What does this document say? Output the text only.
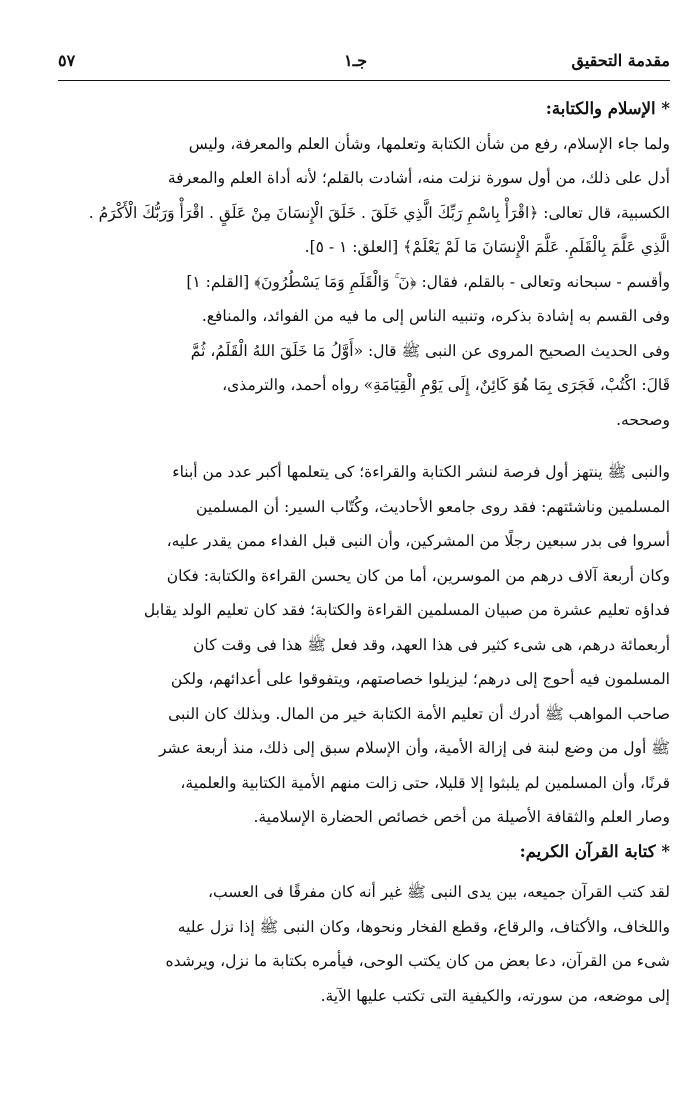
مقدمة التحقيق
جـ١
٥٧
* الإسلام والكتابة:
ولما جاء الإسلام، رفع من شأن الكتابة وتعلمها، وشأن العلم والمعرفة، وليس
أدل على ذلك، من أول سورة نزلت منه، أشادت بالقلم؛ لأنه أداة العلم والمعرفة
الكسبية، قال تعالى: ﴿اقْرَأْ بِاسْمِ رَبِّكَ الَّذِي خَلَقَ . خَلَقَ الْإِنسَانَ مِنْ عَلَقٍ . اقْرَأْ وَرَبُّكَ الْأَكْرَمُ .
الَّذِي عَلَّمَ بِالْقَلَمِ. عَلَّمَ الْإِنسَانَ مَا لَمْ يَعْلَمْ﴾ [العلق: ١ - ٥].
وأقسم - سبحانه وتعالى - بالقلم، فقال: ﴿نٓ ۚ وَالْقَلَمِ وَمَا يَسْطُرُونَ﴾ [القلم: ١]
وفى القسم به إشادة بذكره، وتنبيه الناس إلى ما فيه من الفوائد، والمنافع.
وفى الحديث الصحيح المروى عن النبى ﷺ قال: «أَوَّلُ مَا خَلَقَ اللهُ الْقَلَمُ، ثُمَّ
قَالَ: اكْتُبْ، فَجَرَى بِمَا هُوَ كَائِنٌ، إِلَى يَوْمِ الْقِيَامَةِ» رواه أحمد، والترمذى،
وصححه.
والنبى ﷺ ينتهز أول فرصة لنشر الكتابة والقراءة؛ كى يتعلمها أكبر عدد من أبناء
المسلمين وناشئتهم: فقد روى جامعو الأحاديث، وكُتّاب السير: أن المسلمين
أسروا فى بدر سبعين رجلًا من المشركين، وأن النبى قبل الفداء ممن يقدر عليه،
وكان أربعة آلاف درهم من الموسرين، أما من كان يحسن القراءة والكتابة: فكان
فداؤه تعليم عشرة من صبيان المسلمين القراءة والكتابة؛ فقد كان تعليم الولد يقابل
أربعمائة درهم، هى شىء كثير فى هذا العهد، وقد فعل ﷺ هذا فى وقت كان
المسلمون فيه أحوج إلى درهم؛ ليزيلوا خصاصتهم، ويتفوقوا على أعدائهم، ولكن
صاحب المواهب ﷺ أدرك أن تعليم الأمة الكتابة خير من المال. وبذلك كان النبى
ﷺ أول من وضع لبنة فى إزالة الأمية، وأن الإسلام سبق إلى ذلك، منذ أربعة عشر
قرنًا، وأن المسلمين لم يلبثوا إلا قليلا، حتى زالت منهم الأمية الكتابية والعلمية،
وصار العلم والثقافة الأصيلة من أخص خصائص الحضارة الإسلامية.
* كتابة القرآن الكريم:
لقد كتب القرآن جميعه، بين يدى النبى ﷺ غير أنه كان مفرقًا فى العسب،
واللخاف، والأكتاف، والرقاع، وقطع الفخار ونحوها، وكان النبى ﷺ إذا نزل عليه
شىء من القرآن، دعا بعض من كان يكتب الوحى، فيأمره بكتابة ما نزل، ويرشده
إلى موضعه، من سورته، والكيفية التى تكتب عليها الآية.
